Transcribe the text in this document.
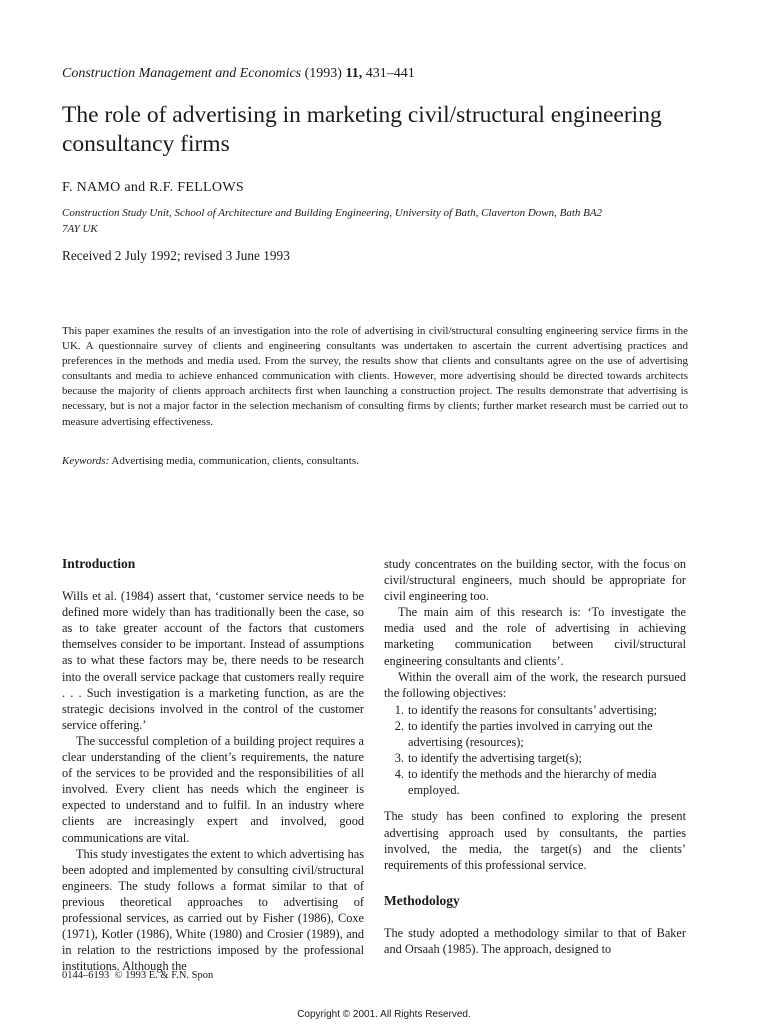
Construction Management and Economics (1993) 11, 431–441
The role of advertising in marketing civil/structural engineering consultancy firms
F. NAMO and R.F. FELLOWS
Construction Study Unit, School of Architecture and Building Engineering, University of Bath, Claverton Down, Bath BA2 7AY UK
Received 2 July 1992; revised 3 June 1993
This paper examines the results of an investigation into the role of advertising in civil/structural consulting engineering service firms in the UK. A questionnaire survey of clients and engineering consultants was undertaken to ascertain the current advertising practices and preferences in the methods and media used. From the survey, the results show that clients and consultants agree on the use of advertising consultants and media to achieve enhanced communication with clients. However, more advertising should be directed towards architects because the majority of clients approach architects first when launching a construction project. The results demonstrate that advertising is necessary, but is not a major factor in the selection mechanism of consulting firms by clients; further market research must be carried out to measure advertising effectiveness.
Keywords: Advertising media, communication, clients, consultants.
Introduction

Wills et al. (1984) assert that, ‘customer service needs to be defined more widely than has traditionally been the case, so as to take greater account of the factors that customers themselves consider to be important. Instead of assumptions as to what these factors may be, there needs to be research into the overall service package that customers really require . . . Such investigation is a marketing function, as are the strategic decisions involved in the control of the customer service offering.’

The successful completion of a building project requires a clear understanding of the client’s requirements, the nature of the services to be provided and the responsibilities of all involved. Every client has needs which the engineer is expected to understand and to fulfil. In an industry where clients are increasingly expert and involved, good communications are vital.

This study investigates the extent to which advertising has been adopted and implemented by consulting civil/structural engineers. The study follows a format similar to that of previous theoretical approaches to advertising of professional services, as carried out by Fisher (1986), Coxe (1971), Kotler (1986), White (1980) and Crosier (1989), and in relation to the restrictions imposed by the professional institutions. Although the

study concentrates on the building sector, with the focus on civil/structural engineers, much should be appropriate for civil engineering too.

The main aim of this research is: ‘To investigate the media used and the role of advertising in achieving marketing communication between civil/structural engineering consultants and clients’.

Within the overall aim of the work, the research pursued the following objectives:

1. to identify the reasons for consultants’ advertising;
2. to identify the parties involved in carrying out the advertising (resources);
3. to identify the advertising target(s);
4. to identify the methods and the hierarchy of media employed.

The study has been confined to exploring the present advertising approach used by consultants, the parties involved, the media, the target(s) and the clients’ requirements of this professional service.

Methodology

The study adopted a methodology similar to that of Baker and Orsaah (1985). The approach, designed to

0144–6193 © 1993 E. & F.N. Spon
Copyright © 2001. All Rights Reserved.
